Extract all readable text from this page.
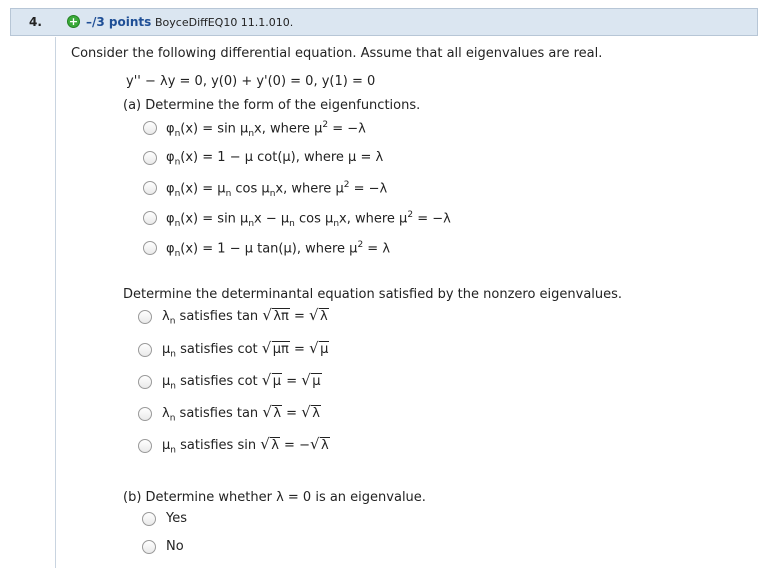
4. + –/3 points BoyceDiffEQ10 11.1.010.
Consider the following differential equation. Assume that all eigenvalues are real.
y'' − λy = 0, y(0) + y'(0) = 0, y(1) = 0
(a) Determine the form of the eigenfunctions.
$\varphi_n(x) = \sin \mu_nx$, where $\mu^2 = -\lambda$
$\varphi_n(x) = 1 - \mu$ cot(μ), where μ = λ
$\varphi_n(x) = \mu_n$ $\cos \mu_nx$, where $\mu^2 = -\lambda$
$\varphi_n(x) = \sin \mu_nx - \mu_n$ $\cos \mu_nx$, where $\mu^2 = -\lambda$
$\varphi_n(x) = 1 - \mu$ tan(μ), where $\mu^2 = \lambda$
Determine the determinantal equation satisfied by the nonzero eigenvalues.
$\lambda_n$ satisfies tan √ λπ = √ λ
$\mu_n$ satisfies cot √ μπ = √ μ
$\mu_n$ satisfies cot √ μ = √ μ
$\lambda_n$ satisfies tan √ λ = √ λ
$\mu_n$ satisfies sin √ λ = − √ λ
(b) Determine whether λ = 0 is an eigenvalue.
Yes
No
